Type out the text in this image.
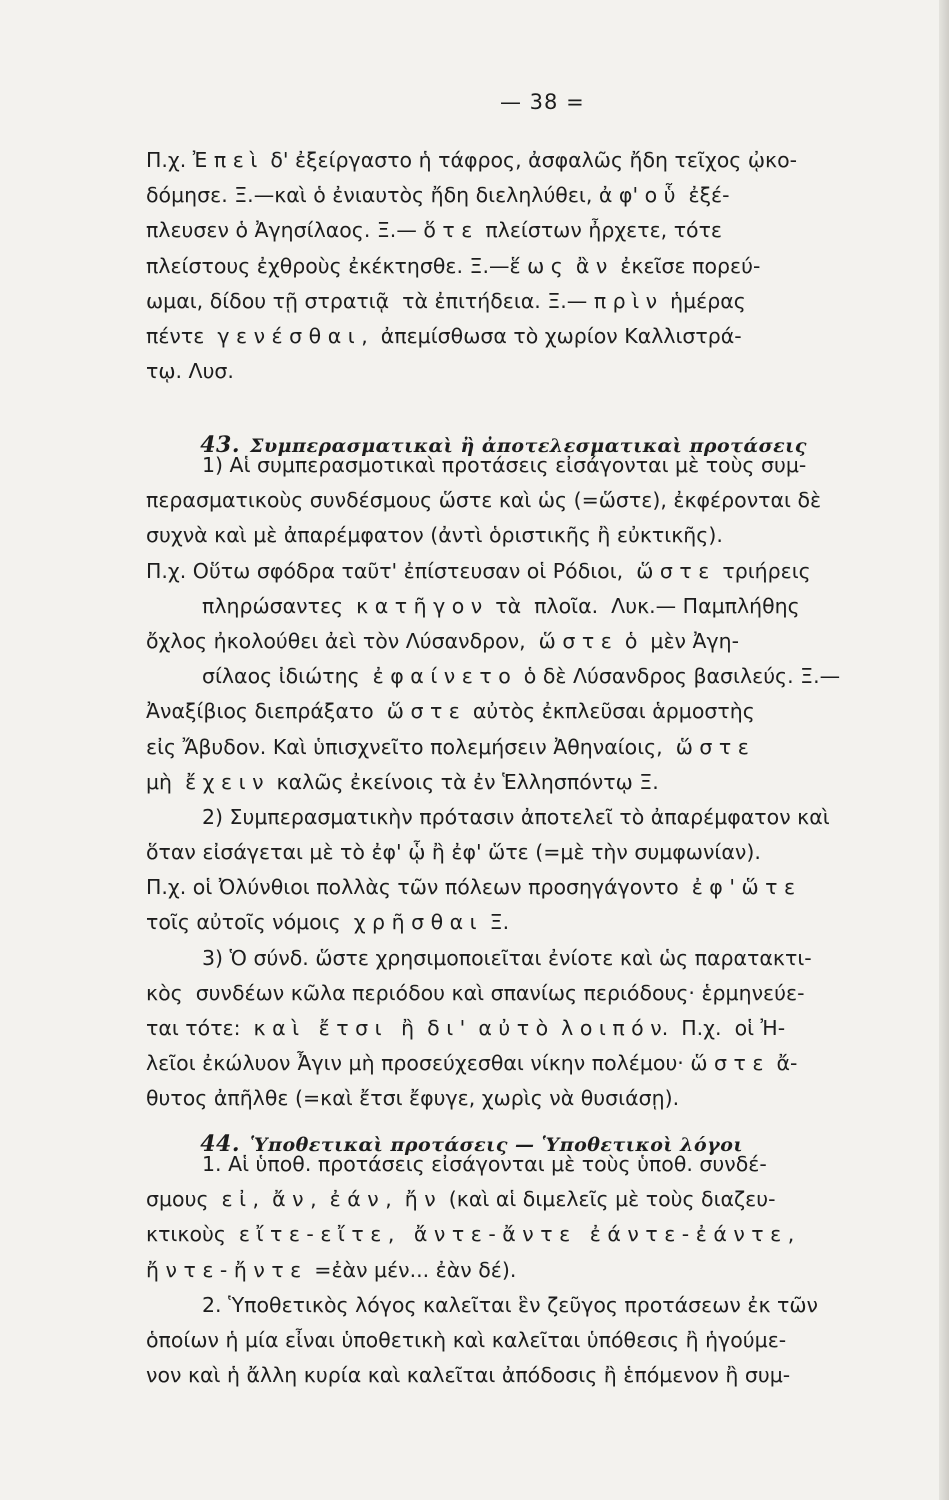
— 38 =
Π.χ. Ἐ π ε ὶ  δ' ἐξείργαστο ἡ τάφρος, ἀσφαλῶς ἤδη τεῖχος ᾠκο-
δόμησε. Ξ.—καὶ ὁ ἐνιαυτὸς ἤδη διεληλύθει, ἀ φ' ο ὗ  ἐξέ-
πλευσεν ὁ Ἀγησίλαος. Ξ.— ὅ τ ε  πλείστων ἦρχετε, τότε
πλείστους ἐχθροὺς ἐκέκτησθε. Ξ.—ἕ ω ς  ἂ ν  ἐκεῖσε πορεύ-
ωμαι, δίδου τῇ στρατιᾷ  τὰ ἐπιτήδεια. Ξ.— π ρ ὶ ν  ἡμέρας
πέντε  γ ε ν έ σ θ α ι ,  ἀπεμίσθωσα τὸ χωρίον Καλλιστρά-
τῳ. Λυσ.

43. Συμπερασματικαὶ ἢ ἀποτελεσματικαὶ προτάσεις

1) Αἱ συμπερασμοτικαὶ προτάσεις εἰσάγονται μὲ τοὺς συμ-
περασματικοὺς συνδέσμους ὥστε καὶ ὡς (=ὥστε), ἐκφέρονται δὲ
συχνὰ καὶ μὲ ἀπαρέμφατον (ἀντὶ ὁριστικῆς ἢ εὐκτικῆς).
Π.χ. Οὕτω σφόδρα ταῦτ' ἐπίστευσαν οἱ Ρόδιοι,  ὥ σ τ ε  τριήρεις
πληρώσαντες  κ α τ ῆ γ ο ν  τὰ  πλοῖα.  Λυκ.— Παμπλήθης
ὄχλος ἠκολούθει ἀεὶ τὸν Λύσανδρον,  ὥ σ τ ε  ὁ  μὲν Ἀγη-
σίλαος ἰδιώτης  ἐ φ α ί ν ε τ ο  ὁ δὲ Λύσανδρος βασιλεύς. Ξ.—
Ἀναξίβιος διεπράξατο  ὥ σ τ ε  αὐτὸς ἐκπλεῦσαι ἁρμοστὴς
εἰς Ἄβυδον. Καὶ ὑπισχνεῖτο πολεμήσειν Ἀθηναίοις,  ὥ σ τ ε
μὴ  ἔ χ ε ι ν  καλῶς ἐκείνοις τὰ ἐν Ἑλλησπόντῳ Ξ.
2) Συμπερασματικὴν πρότασιν ἀποτελεῖ τὸ ἀπαρέμφατον καὶ
ὅταν εἰσάγεται μὲ τὸ ἐφ' ᾧ ἢ ἐφ' ὥτε (=μὲ τὴν συμφωνίαν).
Π.χ. οἱ Ὀλύνθιοι πολλὰς τῶν πόλεων προσηγάγοντο  ἐ φ ' ὥ τ ε
τοῖς αὐτοῖς νόμοις  χ ρ ῆ σ θ α ι  Ξ.
3) Ὁ σύνδ. ὥστε χρησιμοποιεῖται ἐνίοτε καὶ ὡς παρατακτι-
κὸς  συνδέων κῶλα περιόδου καὶ σπανίως περιόδους· ἑρμηνεύε-
ται τότε:  κ α ὶ   ἔ τ σ ι   ἢ  δ ι '  α ὐ τ ὸ  λ ο ι π ό ν.  Π.χ.  οἱ Ἠ-
λεῖοι ἐκώλυον Ἆγιν μὴ προσεύχεσθαι νίκην πολέμου· ὥ σ τ ε  ἄ-
θυτος ἀπῆλθε (=καὶ ἔτσι ἔφυγε, χωρὶς νὰ θυσιάσῃ).

44. Ὑποθετικαὶ προτάσεις — Ὑποθετικοὶ λόγοι

1. Αἱ ὑποθ. προτάσεις εἰσάγονται μὲ τοὺς ὑποθ. συνδέ-
σμους  ε ἰ ,  ἄ ν ,  ἐ ά ν ,  ἤ ν  (καὶ αἱ διμελεῖς μὲ τοὺς διαζευ-
κτικοὺς  ε ἴ τ ε - ε ἴ τ ε ,   ἄ ν τ ε - ἄ ν τ ε   ἐ ά ν τ ε - ἐ ά ν τ ε ,
ἤ ν τ ε - ἤ ν τ ε  =ἐὰν μέν... ἐὰν δέ).
2. Ὑποθετικὸς λόγος καλεῖται ἓν ζεῦγος προτάσεων ἐκ τῶν
ὁποίων ἡ μία εἶναι ὑποθετικὴ καὶ καλεῖται ὑπόθεσις ἢ ἡγούμε-
νον καὶ ἡ ἄλλη κυρία καὶ καλεῖται ἀπόδοσις ἢ ἑπόμενον ἢ συμ-
